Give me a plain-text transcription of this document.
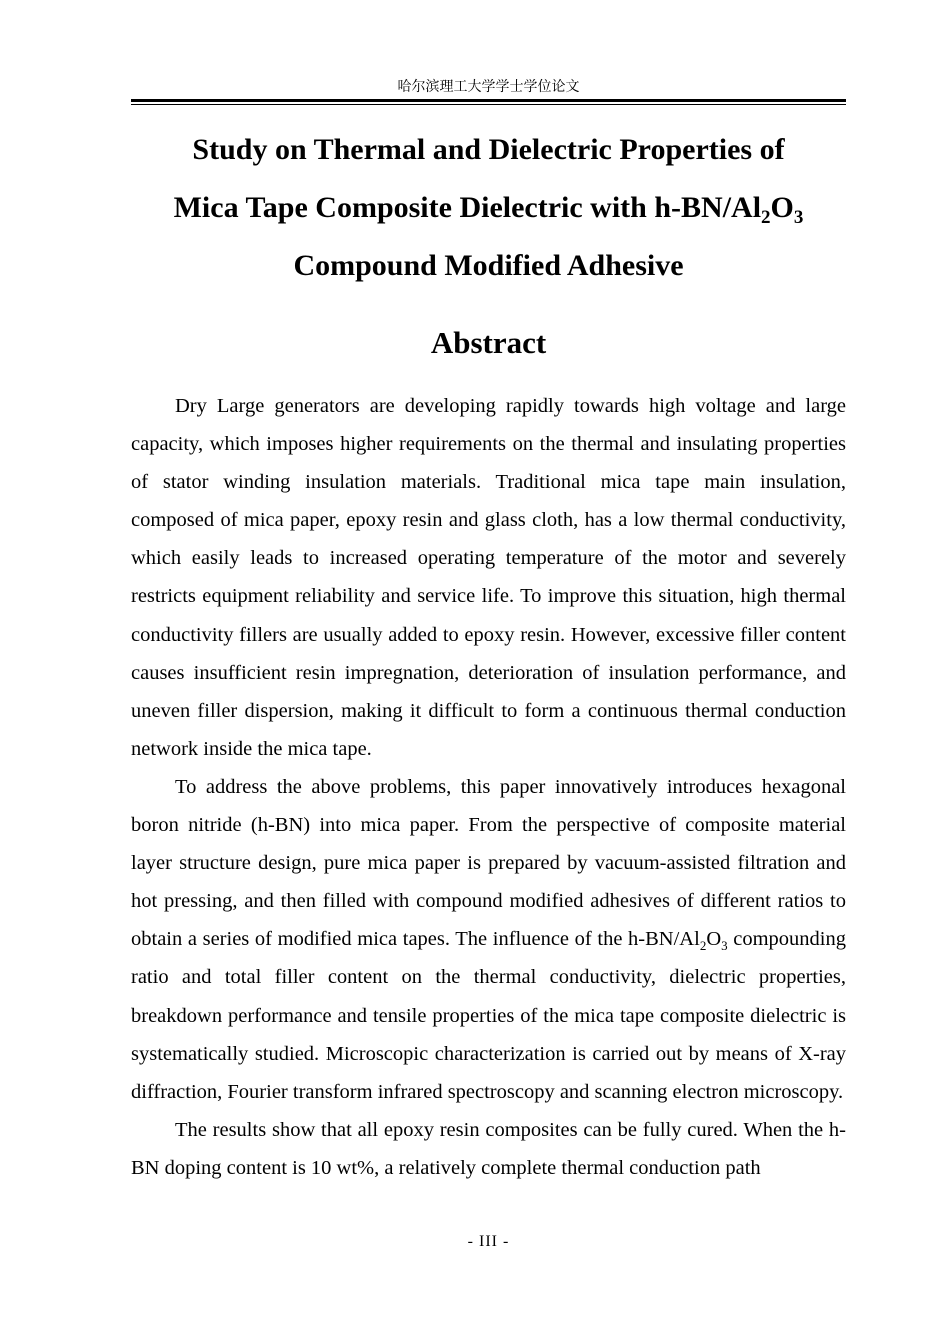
哈尔滨理工大学学士学位论文
Study on Thermal and Dielectric Properties of
Mica Tape Composite Dielectric with $h-BN/Al_2O_3$
Compound Modified Adhesive
Abstract

Dry Large generators are developing rapidly towards high voltage and large capacity, which imposes higher requirements on the thermal and insulating properties of stator winding insulation materials. Traditional mica tape main insulation, composed of mica paper, epoxy resin and glass cloth, has a low thermal conductivity, which easily leads to increased operating temperature of the motor and severely restricts equipment reliability and service life. To improve this situation, high thermal conductivity fillers are usually added to epoxy resin. However, excessive filler content causes insufficient resin impregnation, deterioration of insulation performance, and uneven filler dispersion, making it difficult to form a continuous thermal conduction network inside the mica tape.

To address the above problems, this paper innovatively introduces hexagonal boron nitride (h-BN) into mica paper. From the perspective of composite material layer structure design, pure mica paper is prepared by vacuum-assisted filtration and hot pressing, and then filled with compound modified adhesives of different ratios to obtain a series of modified mica tapes. The influence of the $h-BN/Al_2O_3$ compounding ratio and total filler content on the thermal conductivity, dielectric properties, breakdown performance and tensile properties of the mica tape composite dielectric is systematically studied. Microscopic characterization is carried out by means of X-ray diffraction, Fourier transform infrared spectroscopy and scanning electron microscopy.

The results show that all epoxy resin composites can be fully cured. When the h-BN doping content is 10 wt%, a relatively complete thermal conduction path

- III -
